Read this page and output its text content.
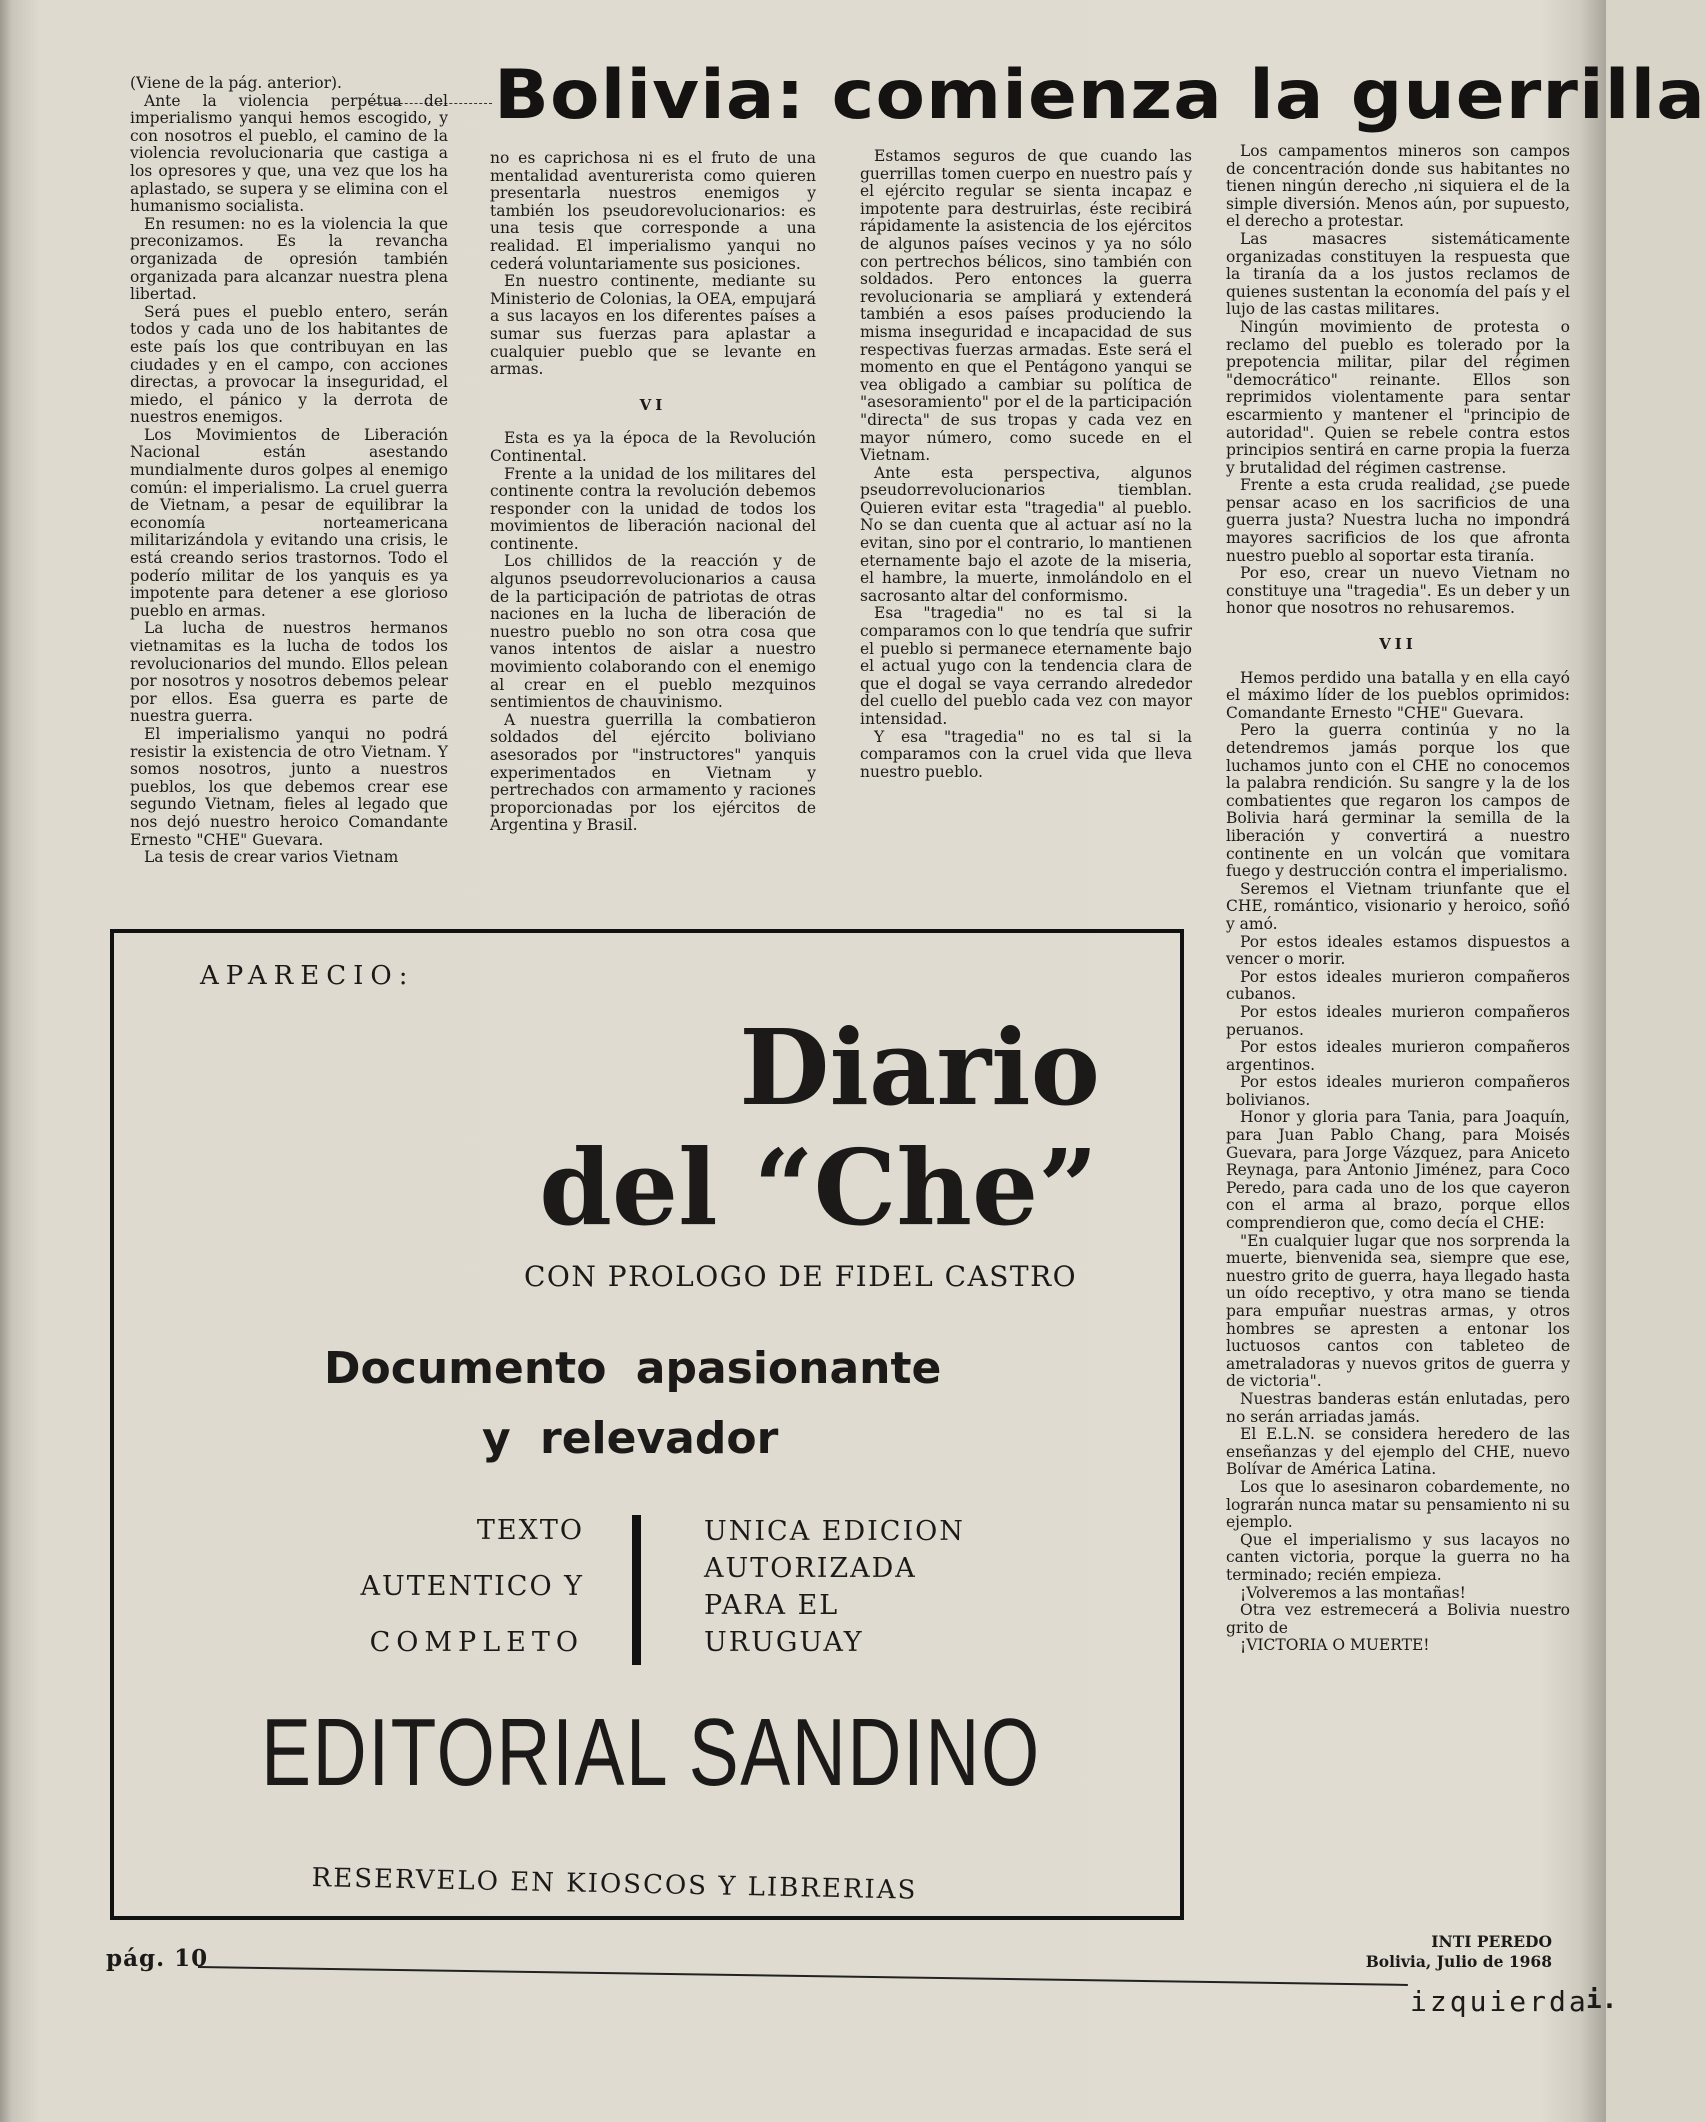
Bolivia: comienza la guerrilla

(Viene de la pág. anterior).

Ante la violencia perpétua del imperialismo yanqui hemos escogido, y con nosotros el pueblo, el camino de la violencia revolucionaria que castiga a los opresores y que, una vez que los ha aplastado, se supera y se elimina con el humanismo socialista.

En resumen: no es la violencia la que preconizamos. Es la revancha organizada de opresión también organizada para alcanzar nuestra plena libertad.

Será pues el pueblo entero, serán todos y cada uno de los habitantes de este país los que contribuyan en las ciudades y en el campo, con acciones directas, a provocar la inseguridad, el miedo, el pánico y la derrota de nuestros enemigos.

Los Movimientos de Liberación Nacional están asestando mundialmente duros golpes al enemigo común: el imperialismo. La cruel guerra de Vietnam, a pesar de equilibrar la economía norteamericana militarizándola y evitando una crisis, le está creando serios trastornos. Todo el poderío militar de los yanquis es ya impotente para detener a ese glorioso pueblo en armas.

La lucha de nuestros hermanos vietnamitas es la lucha de todos los revolucionarios del mundo. Ellos pelean por nosotros y nosotros debemos pelear por ellos. Esa guerra es parte de nuestra guerra.

El imperialismo yanqui no podrá resistir la existencia de otro Vietnam. Y somos nosotros, junto a nuestros pueblos, los que debemos crear ese segundo Vietnam, fieles al legado que nos dejó nuestro heroico Comandante Ernesto "CHE" Guevara.

La tesis de crear varios Vietnam

no es caprichosa ni es el fruto de una mentalidad aventurerista como quieren presentarla nuestros enemigos y también los pseudorevolucionarios: es una tesis que corresponde a una realidad. El imperialismo yanqui no cederá voluntariamente sus posiciones.

En nuestro continente, mediante su Ministerio de Colonias, la OEA, empujará a sus lacayos en los diferentes países a sumar sus fuerzas para aplastar a cualquier pueblo que se levante en armas.

VI

Esta es ya la época de la Revolución Continental.

Frente a la unidad de los militares del continente contra la revolución debemos responder con la unidad de todos los movimientos de liberación nacional del continente.

Los chillidos de la reacción y de algunos pseudorrevolucionarios a causa de la participación de patriotas de otras naciones en la lucha de liberación de nuestro pueblo no son otra cosa que vanos intentos de aislar a nuestro movimiento colaborando con el enemigo al crear en el pueblo mezquinos sentimientos de chauvinismo.

A nuestra guerrilla la combatieron soldados del ejército boliviano asesorados por "instructores" yanquis experimentados en Vietnam y pertrechados con armamento y raciones proporcionadas por los ejércitos de Argentina y Brasil.

Estamos seguros de que cuando las guerrillas tomen cuerpo en nuestro país y el ejército regular se sienta incapaz e impotente para destruirlas, éste recibirá rápidamente la asistencia de los ejércitos de algunos países vecinos y ya no sólo con pertrechos bélicos, sino también con soldados. Pero entonces la guerra revolucionaria se ampliará y extenderá también a esos países produciendo la misma inseguridad e incapacidad de sus respectivas fuerzas armadas. Este será el momento en que el Pentágono yanqui se vea obligado a cambiar su política de "asesoramiento" por el de la participación "directa" de sus tropas y cada vez en mayor número, como sucede en el Vietnam.

Ante esta perspectiva, algunos pseudorrevolucionarios tiemblan. Quieren evitar esta "tragedia" al pueblo. No se dan cuenta que al actuar así no la evitan, sino por el contrario, lo mantienen eternamente bajo el azote de la miseria, el hambre, la muerte, inmolándolo en el sacrosanto altar del conformismo.

Esa "tragedia" no es tal si la comparamos con lo que tendría que sufrir el pueblo si permanece eternamente bajo el actual yugo con la tendencia clara de que el dogal se vaya cerrando alrededor del cuello del pueblo cada vez con mayor intensidad.

Y esa "tragedia" no es tal si la comparamos con la cruel vida que lleva nuestro pueblo.

Los campamentos mineros son campos de concentración donde sus habitantes no tienen ningún derecho ,ni siquiera el de la simple diversión. Menos aún, por supuesto, el derecho a protestar.

Las masacres sistemáticamente organizadas constituyen la respuesta que la tiranía da a los justos reclamos de quienes sustentan la economía del país y el lujo de las castas militares.

Ningún movimiento de protesta o reclamo del pueblo es tolerado por la prepotencia militar, pilar del régimen "democrático" reinante. Ellos son reprimidos violentamente para sentar escarmiento y mantener el "principio de autoridad". Quien se rebele contra estos principios sentirá en carne propia la fuerza y brutalidad del régimen castrense.

Frente a esta cruda realidad, ¿se puede pensar acaso en los sacrificios de una guerra justa? Nuestra lucha no impondrá mayores sacrificios de los que afronta nuestro pueblo al soportar esta tiranía.

Por eso, crear un nuevo Vietnam no constituye una "tragedia". Es un deber y un honor que nosotros no rehusaremos.

VII

Hemos perdido una batalla y en ella cayó el máximo líder de los pueblos oprimidos: Comandante Ernesto "CHE" Guevara.

Pero la guerra continúa y no la detendremos jamás porque los que luchamos junto con el CHE no conocemos la palabra rendición. Su sangre y la de los combatientes que regaron los campos de Bolivia hará germinar la semilla de la liberación y convertirá a nuestro continente en un volcán que vomitara fuego y destrucción contra el imperialismo.

Seremos el Vietnam triunfante que el CHE, romántico, visionario y heroico, soñó y amó.

Por estos ideales estamos dispuestos a vencer o morir.

Por estos ideales murieron compañeros cubanos.

Por estos ideales murieron compañeros peruanos.

Por estos ideales murieron compañeros argentinos.

Por estos ideales murieron compañeros bolivianos.

Honor y gloria para Tania, para Joaquín, para Juan Pablo Chang, para Moisés Guevara, para Jorge Vázquez, para Aniceto Reynaga, para Antonio Jiménez, para Coco Peredo, para cada uno de los que cayeron con el arma al brazo, porque ellos comprendieron que, como decía el CHE:

"En cualquier lugar que nos sorprenda la muerte, bienvenida sea, siempre que ese, nuestro grito de guerra, haya llegado hasta un oído receptivo, y otra mano se tienda para empuñar nuestras armas, y otros hombres se apresten a entonar los luctuosos cantos con tableteo de ametraladoras y nuevos gritos de guerra y de victoria".

Nuestras banderas están enlutadas, pero no serán arriadas jamás.

El E.L.N. se considera heredero de las enseñanzas y del ejemplo del CHE, nuevo Bolívar de América Latina.

Los que lo asesinaron cobardemente, no lograrán nunca matar su pensamiento ni su ejemplo.

Que el imperialismo y sus lacayos no canten victoria, porque la guerra no ha terminado; recién empieza.

¡Volveremos a las montañas!

Otra vez estremecerá a Bolivia nuestro grito de

¡VICTORIA O MUERTE!

APARECIO:
Diario
del “Che”
CON PROLOGO DE FIDEL CASTRO
Documento apasionante
y relevador
TEXTO
AUTENTICO Y
COMPLETO
UNICA EDICION
AUTORIZADA
PARA EL
URUGUAY
EDITORIAL SANDINO
RESERVELO EN KIOSCOS Y LIBRERIAS
INTI PEREDO
Bolivia, Julio de 1968
pág. 10
izquierda
i.
